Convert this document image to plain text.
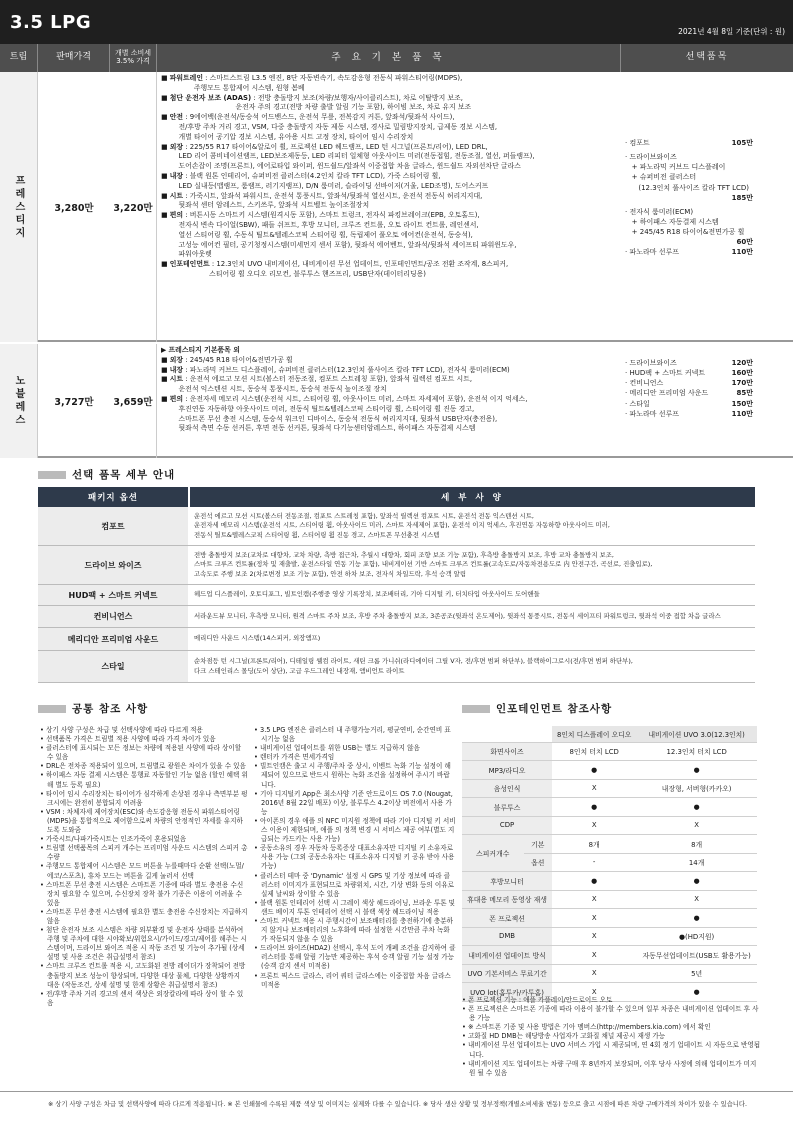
3.5 LPG	2021년 4월 8일 기준(단위 : 원)
트림	판매가격	개별 소비세
3.5% 가격	주 요 기 본 품 목	선택품목
프레스티지	3,280만	3,220만
■ 파워트레인 : 스마트스트림 L3.5 엔진, 8단 자동변속기, 속도감응형 전동식 파워스티어링(MDPS),
주행모드 통합제어 시스템, 원형 봄베
■ 첨단 운전자 보조 (ADAS) : 전방 충돌방지 보조(차량/보행자/사이클리스트), 차로 이탈방지 보조,
운전자 주의 경고(전방 차량 출발 알림 기능 포함), 하이빔 보조, 차로 유지 보조
■ 안전 : 9에어백(운전석/동승석 어드밴스드, 운전석 무릎, 전복감지 커튼, 앞좌석/뒷좌석 사이드),
전/후방 주차 거리 경고, VSM, 다중 충돌방지 자동 제동 시스템, 경사로 밀림방지장치, 급제동 경보 시스템,
개별 타이어 공기압 경보 시스템, 유아용 시트 고정 장치, 타이어 임시 수리장치
■ 외장 : 225/55 R17 타이어&알로이 휠, 프로젝션 LED 헤드램프, LED 턴 시그널(프론트/리어), LED DRL,
LED 리어 콤비네이션램프, LED보조제동등, LED 리피터 일체형 아웃사이드 미러(전동접힘, 전동조절, 열선, 퍼들램프),
도어손잡이 조명(프론트), 에어로타입 와이퍼, 윈드쉴드/앞좌석 이중접합 차음 글라스, 윈드쉴드 자외선차단 글라스
■ 내장 : 블랙 원톤 인테리어, 슈퍼비전 클러스터(4.2인치 칼라 TFT LCD), 가죽 스티어링 휠,
LED 실내등(맵램프, 룸램프, 러기지램프), D/N 룸미러, 슬라이딩 선바이저(거울, LED조명), 도어스커프
■ 시트 : 가죽시트, 앞좌석 파워시트, 운전석 통풍시트, 앞좌석/뒷좌석 열선시트, 운전석 전동식 허리지지대,
뒷좌석 센터 암레스트, 스키쓰루, 앞좌석 시트벨트 높이조절장치
■ 편의 : 버튼시동 스마트키 시스템(원격시동 포함), 스마트 트렁크, 전자식 파킹브레이크(EPB, 오토홀드),
전자식 변속 다이얼(SBW), 패들 쉬프트, 후방 모니터, 크루즈 컨트롤, 오토 라이트 컨트롤, 레인센서,
열선 스티어링 휠, 수동식 틸트&텔레스코픽 스티어링 휠, 독립제어 풀오토 에어컨(운전석, 동승석),
고성능 에어컨 필터, 공기청정시스템(미세먼지 센서 포함), 뒷좌석 에어벤트, 앞좌석/뒷좌석 세이프티 파워윈도우,
파워아웃렛
■ 인포테인먼트 : 12.3인치 UVO 내비게이션, 내비게이션 무선 업데이트, 인포테인먼트/공조 전환 조작계, 8스피커,
스티어링 휠 오디오 리모컨, 블루투스 핸즈프리, USB단자(데이터리딩용)
· 컴포트	105만
· 드라이브와이즈
+ 파노라믹 커브드 디스플레이
+ 슈퍼비전 클러스터
(12.3인치 풀사이즈 칼라 TFT LCD)
185만
· 전자식 룸미러(ECM)
+ 하이패스 자동결제 시스템
+ 245/45 R18 타이어&전면가공 휠
60만
· 파노라마 선루프	110만
노블레스	3,727만	3,659만
▶ 프레스티지 기본품목 외
■ 외장 : 245/45 R18 타이어&전면가공 휠
■ 내장 : 파노라믹 커브드 디스플레이, 슈퍼비전 클러스터(12.3인치 풀사이즈 칼라 TFT LCD), 전자식 룸미러(ECM)
■ 시트 : 운전석 에르고 모션 시트(볼스터 전동조절, 컴포트 스트레칭 포함), 앞좌석 릴렉션 컴포트 시트,
운전석 익스텐션 시트, 동승석 통풍시트, 동승석 전동식 높이조절 장치
■ 편의 : 운전자세 메모리 시스템(운전석 시트, 스티어링 휠, 아웃사이드 미러, 스마트 자세제어 포함), 운전석 이지 억세스,
후진연동 자동하향 아웃사이드 미러, 전동식 틸트&텔레스코픽 스티어링 휠, 스티어링 휠 진동 경고,
스마트폰 무선 충전 시스템, 동승석 워크인 디바이스, 동승석 전동식 허리지지대, 뒷좌석 USB단자(충전용),
뒷좌석 측면 수동 선커튼, 후면 전동 선커튼, 뒷좌석 다기능센터암레스트, 하이패스 자동결제 시스템
· 드라이브와이즈	120만
· HUD팩 + 스마트 커넥트	160만
· 컨비니언스	170만
· 메리디안 프리미엄 사운드	85만
· 스타일	150만
· 파노라마 선루프	110만
선택 품목 세부 안내
패키지 옵션	세 부 사 양
컴포트
운전석 에르고 모션 시트(볼스터 전동조절, 컴포트 스트레칭 포함), 앞좌석 릴렉션 컴포트 시트, 운전석 전동 익스텐션 시트,
운전자세 메모리 시스템(운전석 시트, 스티어링 휠, 아웃사이드 미러, 스마트 자세제어 포함), 운전석 이지 억세스, 후진연동 자동하향 아웃사이드 미러,
전동식 틸트&텔레스코픽 스티어링 휠, 스티어링 휠 진동 경고, 스마트폰 무선충전 시스템
드라이브 와이즈
전방 충돌방지 보조(교차로 대향차, 교차 차량, 측방 접근차, 추월시 대향차, 회피 조향 보조 기능 포함), 후측방 충돌방지 보조, 후방 교차 충돌방지 보조,
스마트 크루즈 컨트롤(정차 및 재출발, 운전스타일 연동 기능 포함), 내비게이션 기반 스마트 크루즈 컨트롤(고속도로/자동차전용도로 内 안전구간, 곡선로, 진출입로),
고속도로 주행 보조 2(차로변경 보조 기능 포함), 안전 하차 보조, 전자식 차일드락, 후석 승객 알림
HUD팩 + 스마트 커넥트	헤드업 디스플레이, 오토디포그, 빌트인캠(주행중 영상 기록장치, 보조배터리, 기아 디지털 키, 터치타입 아웃사이드 도어핸들
컨비니언스	서라운드뷰 모니터, 후측방 모니터, 원격 스마트 주차 보조, 후방 주차 충돌방지 보조, 3존공조(뒷좌석 온도제어), 뒷좌석 통풍시트, 전동식 세이프티 파워트렁크, 뒷좌석 이중 접합 차음 글라스
메리디안 프리미엄 사운드	메리디안 사운드 시스템(14스피커, 외장앰프)
스타일
순차점등 턴 시그널(프론트/리어), 디테일링 웰컴 라이트, 새틴 크롬 가니쉬(라디에이터 그릴 V자, 전/후면 범퍼 하단부), 블랙하이그로시(전/후면 범퍼 하단부),
다크 스테인리스 몰딩(도어 상단), 고급 우드그레인 내장재, 앰비언트 라이트
공통 참조 사항
• 상기 사양 구성은 차급 및 선택사양에 따라 다르게 적용
• 선택품목 가격은 트림별 적용 사양에 따라 가격 차이가 있음
• 클러스터에 표시되는 모든 정보는 차량에 적용된 사양에 따라 상이할 수 있음
• DRL은 전차종 적용되어 있으며, 트림별로 광원은 차이가 있을 수 있음
• 하이패스 자동 결제 시스템은 통행료 자동할인 기능 없음 (할인 혜택 위해 별도 등록 필요)
• 타이어 임시 수리장치는 타이어가 심각하게 손상된 경우나 측면부분 펑크시에는 완전히 봉합되지 어려움
• VSM : 차체자세 제어장치(ESC)와 속도감응형 전동식 파워스티어링(MDPS)을 통합적으로 제어함으로써 차량의 안정적인 자세를 유지하도록 도와줌
• 가죽시트/나파가죽시트는 인조가죽이 혼용되었음
• 트림별 선택품목의 스피커 개수는 프리미엄 사운드 시스템의 스피커 총 수량
• 주행모드 통합제어 시스템은 모드 버튼을 누를때마다 순환 선택(노멀/에코/스포츠), 휴차 모드는 버튼을 길게 눌러서 선택
• 스마트폰 무선 충전 시스템은 스마트폰 기종에 따라 별도 충전용 수신장치 필요할 수 있으며, 수신장치 장착 불가 기종은 이용이 어려울 수 있음
• 스마트폰 무선 충전 시스템에 필요한 별도 충전용 수신장치는 지급하지 않음
• 첨단 운전자 보조 시스템은 차량 외부환경 및 운전자 상태를 분석하여 주행 및 주차에 대한 시야확보/위험요시/가이드/경고/제어를 해주는 시스템이며, 드라이브 와이즈 적용 시 작동 조건 및 기능이 추가될 (상세 설명 및 사용 조건은 취급설명서 참조)
• 스마트 크루즈 컨트롤 적용 시, 고도화된 전방 레이더가 장착되어 전방 충돌방지 보조 성능이 향상되며, 다양한 대상 물체, 다양한 상황까지 대응 (작동조건, 상세 설명 및 한계 상황은 취급설명서 참조)
• 전/후방 주차 거리 경고의 센서 색상은 외장칼라에 따라 상이 할 수 있음
• 3.5 LPG 엔진은 클러스터 내 주행가능거리, 평균연비, 순간연비 표시기능 없음
• 내비게이션 업데이트를 위한 USB는 별도 지급하지 않음
• 렌터카 가격은 면세가격임
• 빌트인캠은 출고 시 주행/주차 중 상시, 이벤트 녹화 기능 설정이 해제되어 있으므로 반드시 원하는 녹화 조건을 설정하여 주시기 바랍니다.
• 기아 디지털키 App은 최소사양 기준 안드로이드 OS 7.0 (Nougat, 2016년 8월 22일 배포) 이상, 블루투스 4.2이상 버전에서 사용 가능
• 아이폰의 경우 애플 의 NFC 미지원 정책에 따라 기아 디지털 키 서비스 이용이 제한되며, 애플 의 정책 변경 시 서비스 제공 여부(별도 지급되는 카드키는 사용 가능)
• 공동소유의 경우 자동차 등록증상 대표소유자만 디지털 키 소유자로 사용 가능 (그외 공동소유자는 대표소유자 디지털 키 공유 받아 사용 가능)
• 클러스터 테마 중 'Dynamic' 설정 시 GPS 및 기상 정보에 따라 클러스터 이미지가 표현되므로 차량위치, 시간, 기상 변화 등의 이유로 실제 날씨와 상이할 수 있음
• 블랙 원톤 인테리어 선택 시 그레이 색상 헤드라이닝, 브라운 투톤 및 샌드 베이지 투톤 인테리어 선택 시 블랙 색상 헤드라이닝 적용
• 스마트 커넥트 적용 시 주행시간이 보조배터리를 충전하기에 충분하지 않거나 보조배터리의 노후화에 따라 설정한 시간만큼 주차 녹화가 작동되지 않을 수 있음
• 드라이브 와이즈(HDA2) 선택시, 후석 도어 개폐 조건을 감지하여 클러스터를 통해 알림 기능만 제공하는 후석 승객 알림 기능 설정 가능 (승객 감지 센서 미적용)
• 프론트 픽스드 글라스, 리어 쿼터 글라스에는 이중접합 차음 글라스 미적용
인포테인먼트 참조사항
		8인치 디스플레이 오디오	내비게이션 UVO 3.0(12.3인치)
화면사이즈		8인치 터치 LCD	12.3인치 터치 LCD
MP3/라디오		●	●
음성인식		X	내장형, 서버형(카카오)
블루투스		●	●
CDP		X	X
스피커개수	기본	8개	8개
	옵션	-	14개
후방모니터		●	●
휴대용 메모리 동영상 재생		X	X
폰 프로젝션		X	●
DMB		X	●(HD지원)
내비게이션 업데이트 방식		X	자동무선업데이트(USB도 활용가능)
UVO 기본서비스 무료기간		X	5년
UVO lot(홈투카/카투홈)		X	●
• 폰 프로젝션 기능 : 애플 카플레이/안드로이드 오토
• 폰 프로젝션은 스마트폰 기종에 따라 이용이 불가할 수 있으며 일부 차종은 내비게이션 업데이트 후 사용 가능
• ※ 스마트폰 기종 및 사용 방법은 기아 멤버스(http://members.kia.com) 에서 확인
• 고화질 HD DMB는 해당방송 사업자가 고화질 채널 제공시 재생 가능
• 내비게이션 무선 업데이트는 UVO 서비스 가입 시 제공되며, 연 4회 정기 업데이트 시 자동으로 반영됩니다.
• 내비게이션 지도 업데이트는 차량 구매 후 8년까지 보장되며, 이후 당사 사정에 의해 업데이트가 미지원 될 수 있음
※ 상기 사양 구성은 차급 및 선택사양에 따라 다르게 적용됩니다. ※ 본 인쇄물에 수록된 제품 색상 및 이미지는 실제와 다를 수 있습니다. ※ 당사 생산 상황 및 정부정책(개별소비세율 변동) 등으로 출고 시점에 따른 차량 구매가격의 차이가 있을 수 있습니다.
